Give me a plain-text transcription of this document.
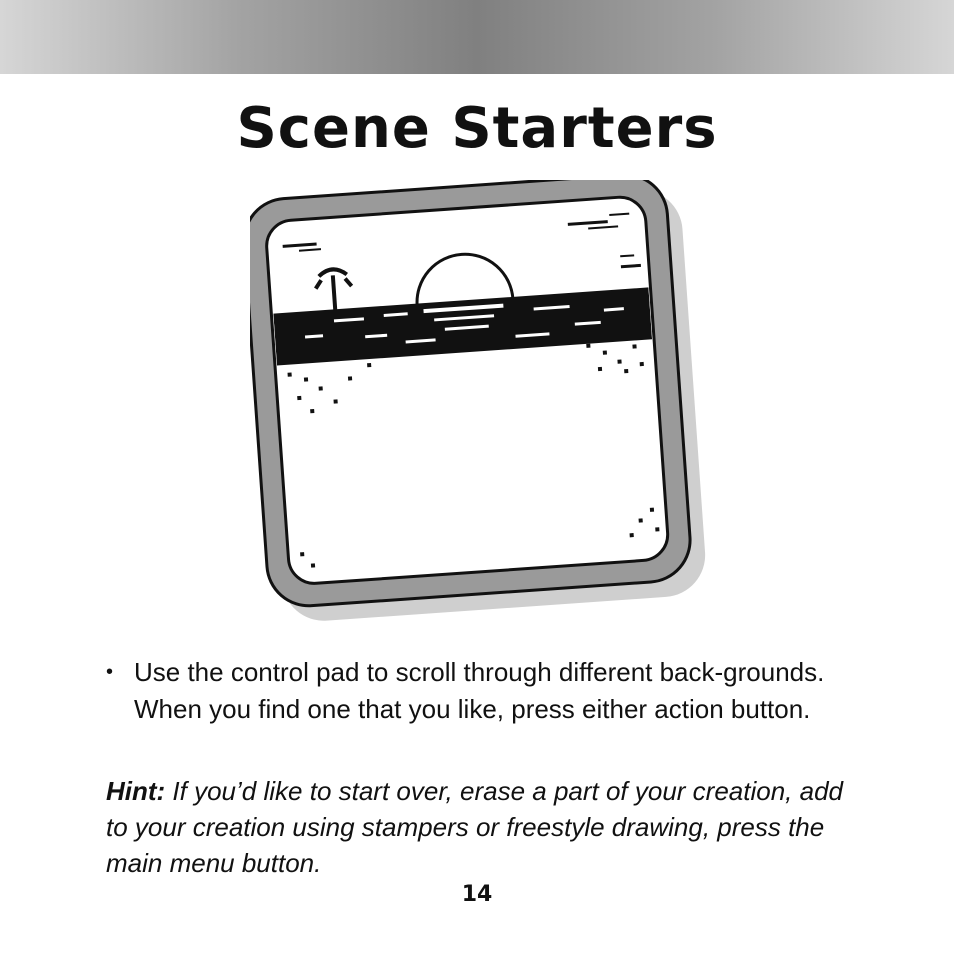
Scene Starters
• Use the control pad to scroll through different back-grounds. When you find one that you like, press either action button.
Hint: If you’d like to start over, erase a part of your creation, add to your creation using stampers or freestyle drawing, press the main menu button.
14
